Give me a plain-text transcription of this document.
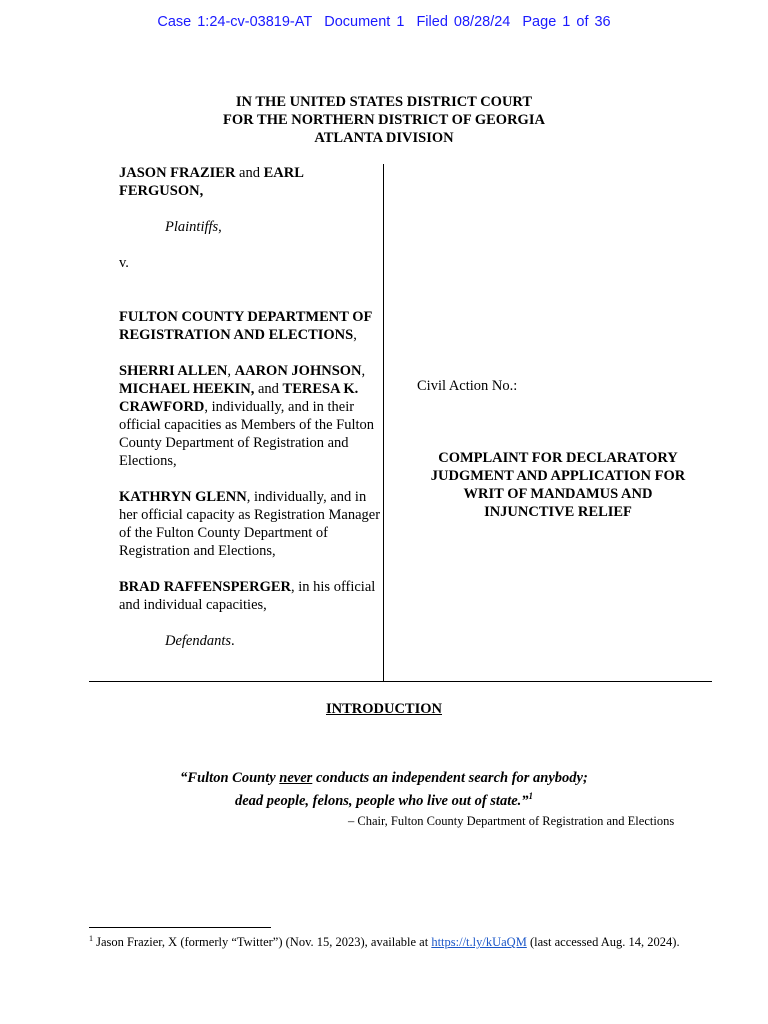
Case 1:24-cv-03819-AT Document 1 Filed 08/28/24 Page 1 of 36
IN THE UNITED STATES DISTRICT COURT
FOR THE NORTHERN DISTRICT OF GEORGIA
ATLANTA DIVISION

JASON FRAZIER and EARL FERGUSON,

Plaintiffs,

v.

FULTON COUNTY DEPARTMENT OF REGISTRATION AND ELECTIONS,

SHERRI ALLEN, AARON JOHNSON, MICHAEL HEEKIN, and TERESA K. CRAWFORD, individually, and in their official capacities as Members of the Fulton County Department of Registration and Elections,

KATHRYN GLENN, individually, and in her official capacity as Registration Manager of the Fulton County Department of Registration and Elections,

BRAD RAFFENSPERGER, in his official and individual capacities,

Defendants.

Civil Action No.:
COMPLAINT FOR DECLARATORY
JUDGMENT AND APPLICATION FOR
WRIT OF MANDAMUS AND
INJUNCTIVE RELIEF
INTRODUCTION
“Fulton County never conducts an independent search for anybody;
dead people, felons, people who live out of state.”$^1$
– Chair, Fulton County Department of Registration and Elections
$^1$ Jason Frazier, X (formerly “Twitter”) (Nov. 15, 2023), available at https://t.ly/kUaQM (last accessed Aug. 14, 2024).
